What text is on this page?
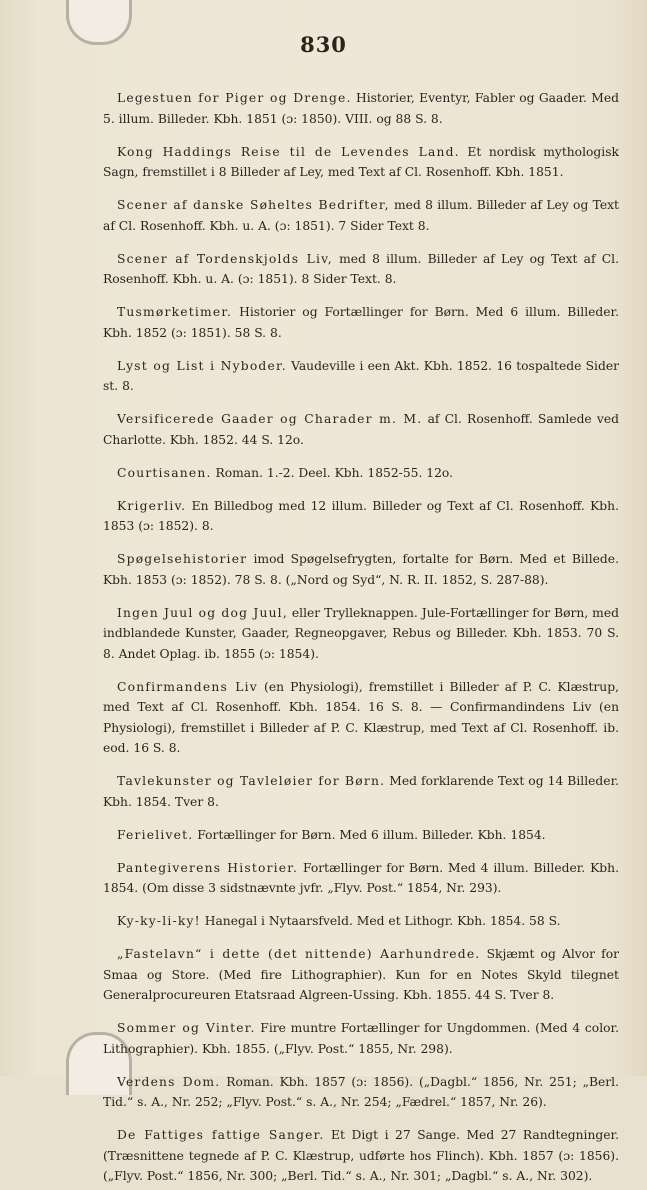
830

Legestuen for Piger og Drenge. Historier, Eventyr, Fabler og Gaader. Med 5. illum. Billeder. Kbh. 1851 (ɔ: 1850). VIII. og 88 S. 8.

Kong Haddings Reise til de Levendes Land. Et nordisk mythologisk Sagn, fremstillet i 8 Billeder af Ley, med Text af Cl. Rosenhoff. Kbh. 1851.

Scener af danske Søheltes Bedrifter, med 8 illum. Billeder af Ley og Text af Cl. Rosenhoff. Kbh. u. A. (ɔ: 1851). 7 Sider Text 8.

Scener af Tordenskjolds Liv, med 8 illum. Billeder af Ley og Text af Cl. Rosenhoff. Kbh. u. A. (ɔ: 1851). 8 Sider Text. 8.

Tusmørketimer. Historier og Fortællinger for Børn. Med 6 illum. Billeder. Kbh. 1852 (ɔ: 1851). 58 S. 8.

Lyst og List i Nyboder. Vaudeville i een Akt. Kbh. 1852. 16 tospaltede Sider st. 8.

Versificerede Gaader og Charader m. M. af Cl. Rosenhoff. Samlede ved Charlotte. Kbh. 1852. 44 S. 12o.

Courtisanen. Roman. 1.-2. Deel. Kbh. 1852-55. 12o.

Krigerliv. En Billedbog med 12 illum. Billeder og Text af Cl. Rosenhoff. Kbh. 1853 (ɔ: 1852). 8.

Spøgelsehistorier imod Spøgelsefrygten, fortalte for Børn. Med et Billede. Kbh. 1853 (ɔ: 1852). 78 S. 8. („Nord og Syd“, N. R. II. 1852, S. 287-88).

Ingen Juul og dog Juul, eller Trylleknappen. Jule-Fortællinger for Børn, med indblandede Kunster, Gaader, Regneopgaver, Rebus og Billeder. Kbh. 1853. 70 S. 8. Andet Oplag. ib. 1855 (ɔ: 1854).

Confirmandens Liv (en Physiologi), fremstillet i Billeder af P. C. Klæstrup, med Text af Cl. Rosenhoff. Kbh. 1854. 16 S. 8. — Confirmandindens Liv (en Physiologi), fremstillet i Billeder af P. C. Klæstrup, med Text af Cl. Rosenhoff. ib. eod. 16 S. 8.

Tavlekunster og Tavleløier for Børn. Med forklarende Text og 14 Billeder. Kbh. 1854. Tver 8.

Ferielivet. Fortællinger for Børn. Med 6 illum. Billeder. Kbh. 1854.

Pantegiverens Historier. Fortællinger for Børn. Med 4 illum. Billeder. Kbh. 1854. (Om disse 3 sidstnævnte jvfr. „Flyv. Post.“ 1854, Nr. 293).

Ky-ky-li-ky! Hanegal i Nytaarsfveld. Med et Lithogr. Kbh. 1854. 58 S.

„Fastelavn“ i dette (det nittende) Aarhundrede. Skjæmt og Alvor for Smaa og Store. (Med fire Lithographier). Kun for en Notes Skyld tilegnet Generalprocureuren Etatsraad Algreen-Ussing. Kbh. 1855. 44 S. Tver 8.

Sommer og Vinter. Fire muntre Fortællinger for Ungdommen. (Med 4 color. Lithographier). Kbh. 1855. („Flyv. Post.“ 1855, Nr. 298).

Verdens Dom. Roman. Kbh. 1857 (ɔ: 1856). („Dagbl.“ 1856, Nr. 251; „Berl. Tid.“ s. A., Nr. 252; „Flyv. Post.“ s. A., Nr. 254; „Fædrel.“ 1857, Nr. 26).

De Fattiges fattige Sanger. Et Digt i 27 Sange. Med 27 Randtegninger. (Træsnittene tegnede af P. C. Klæstrup, udførte hos Flinch). Kbh. 1857 (ɔ: 1856). („Flyv. Post.“ 1856, Nr. 300; „Berl. Tid.“ s. A., Nr. 301; „Dagbl.“ s. A., Nr. 302).
